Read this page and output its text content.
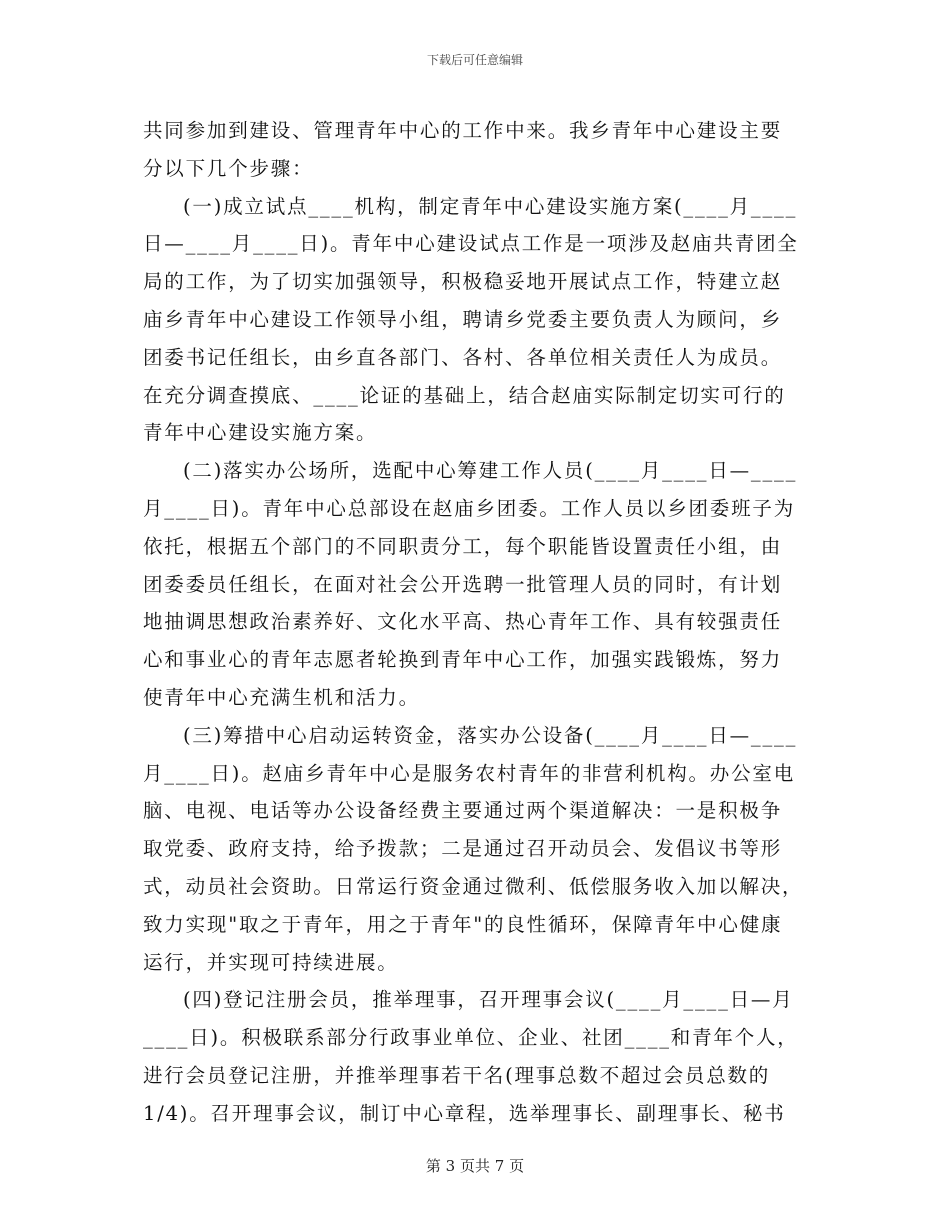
下载后可任意编辑
共同参加到建设、管理青年中心的工作中来。我乡青年中心建设主要
分以下几个步骤：
(一)成立试点____机构，制定青年中心建设实施方案(____月____
日—____月____日)。青年中心建设试点工作是一项涉及赵庙共青团全
局的工作，为了切实加强领导，积极稳妥地开展试点工作，特建立赵
庙乡青年中心建设工作领导小组，聘请乡党委主要负责人为顾问，乡
团委书记任组长，由乡直各部门、各村、各单位相关责任人为成员。
在充分调查摸底、____论证的基础上，结合赵庙实际制定切实可行的
青年中心建设实施方案。
(二)落实办公场所，选配中心筹建工作人员(____月____日—____
月____日)。青年中心总部设在赵庙乡团委。工作人员以乡团委班子为
依托，根据五个部门的不同职责分工，每个职能皆设置责任小组，由
团委委员任组长，在面对社会公开选聘一批管理人员的同时，有计划
地抽调思想政治素养好、文化水平高、热心青年工作、具有较强责任
心和事业心的青年志愿者轮换到青年中心工作，加强实践锻炼，努力
使青年中心充满生机和活力。
(三)筹措中心启动运转资金，落实办公设备(____月____日—____
月____日)。赵庙乡青年中心是服务农村青年的非营利机构。办公室电
脑、电视、电话等办公设备经费主要通过两个渠道解决：一是积极争
取党委、政府支持，给予拨款；二是通过召开动员会、发倡议书等形
式，动员社会资助。日常运行资金通过微利、低偿服务收入加以解决，
致力实现"取之于青年，用之于青年"的良性循环，保障青年中心健康
运行，并实现可持续进展。
(四)登记注册会员，推举理事，召开理事会议(____月____日—月
____日)。积极联系部分行政事业单位、企业、社团____和青年个人，
进行会员登记注册，并推举理事若干名(理事总数不超过会员总数的
1/4)。召开理事会议，制订中心章程，选举理事长、副理事长、秘书
第 3 页共 7 页
